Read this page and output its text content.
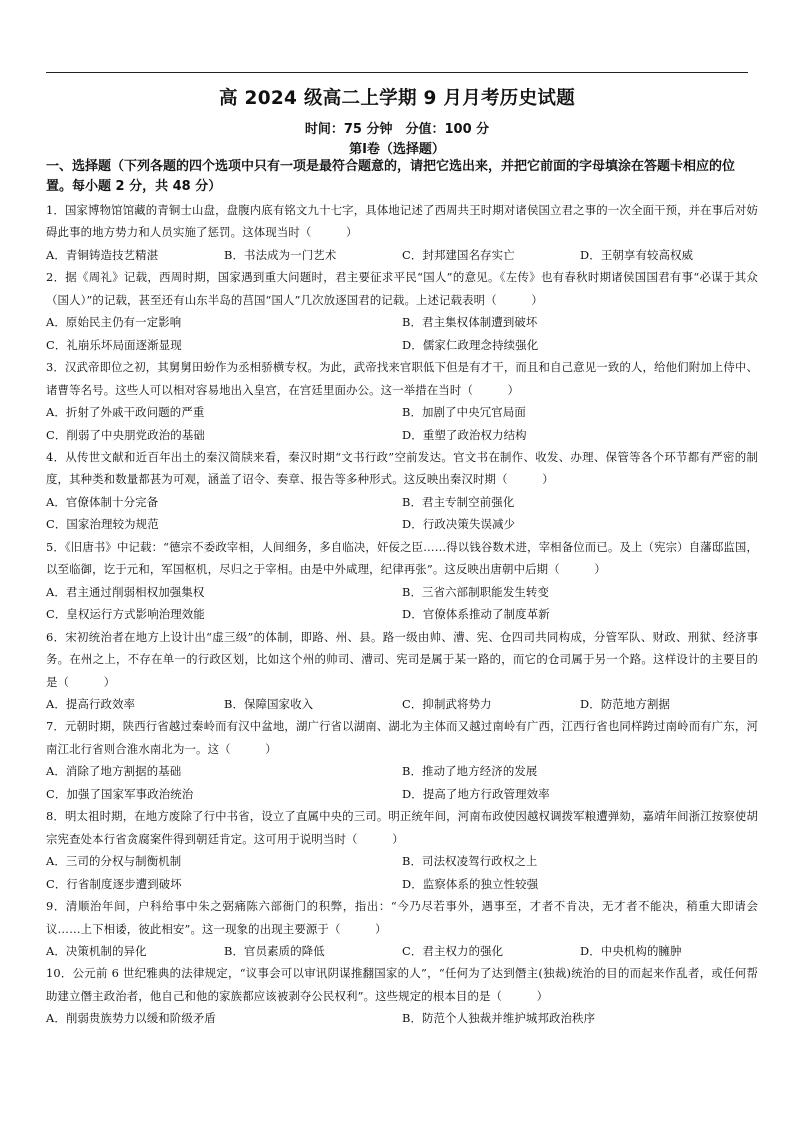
高 2024 级高二上学期 9 月月考历史试题
时间：75 分钟　分值：100 分
第Ⅰ卷（选择题）
一、选择题（下列各题的四个选项中只有一项是最符合题意的，请把它选出来，并把它前面的字母填涂在答题卡相应的位置。每小题 2 分，共 48 分）

1．国家博物馆馆藏的青铜士山盘，盘腹内底有铭文九十七字，具体地记述了西周共王时期对诸侯国立君之事的一次全面干预，并在事后对妨碍此事的地方势力和人员实施了惩罚。这体现当时（　　　）

A．青铜铸造技艺精湛	B．书法成为一门艺术	C．封邦建国名存实亡	D．王朝享有较高权威

2．据《周礼》记载，西周时期，国家遇到重大问题时，君主要征求平民“国人”的意见。《左传》也有春秋时期诸侯国国君有事“必谋于其众（国人）”的记载，甚至还有山东半岛的莒国“国人”几次放逐国君的记载。上述记载表明（　　　）

A．原始民主仍有一定影响	B．君主集权体制遭到破坏
C．礼崩乐坏局面逐渐显现	D．儒家仁政理念持续强化

3．汉武帝即位之初，其舅舅田蚡作为丞相骄横专权。为此，武帝找来官职低下但是有才干，而且和自己意见一致的人，给他们附加上侍中、诸曹等名号。这些人可以相对容易地出入皇宫，在宫廷里面办公。这一举措在当时（　　　）

A．折射了外戚干政问题的严重	B．加剧了中央冗官局面
C．削弱了中央朋党政治的基础	D．重塑了政治权力结构

4．从传世文献和近百年出土的秦汉简牍来看，秦汉时期“文书行政”空前发达。官文书在制作、收发、办理、保管等各个环节都有严密的制度，其种类和数量都甚为可观，涵盖了诏令、奏章、报告等多种形式。这反映出秦汉时期（　　　）

A．官僚体制十分完备	B．君主专制空前强化
C．国家治理较为规范	D．行政决策失误减少

5．《旧唐书》中记载：“德宗不委政宰相，人间细务，多自临决，奸佞之臣……得以钱谷数术进，宰相备位而已。及上（宪宗）自藩邸监国，以至临御，讫于元和，军国枢机，尽归之于宰相。由是中外咸理，纪律再张”。这反映出唐朝中后期（　　　）

A．君主通过削弱相权加强集权	B．三省六部制职能发生转变
C．皇权运行方式影响治理效能	D．官僚体系推动了制度革新

6．宋初统治者在地方上设计出“虚三级”的体制，即路、州、县。路一级由帅、漕、宪、仓四司共同构成，分管军队、财政、刑狱、经济事务。在州之上，不存在单一的行政区划，比如这个州的帅司、漕司、宪司是属于某一路的，而它的仓司属于另一个路。这样设计的主要目的是（　　　）

A．提高行政效率	B．保障国家收入	C．抑制武将势力	D．防范地方割据

7．元朝时期，陕西行省越过秦岭而有汉中盆地，湖广行省以湖南、湖北为主体而又越过南岭有广西，江西行省也同样跨过南岭而有广东，河南江北行省则合淮水南北为一。这（　　　）

A．消除了地方割据的基础	B．推动了地方经济的发展
C．加强了国家军事政治统治	D．提高了地方行政管理效率

8．明太祖时期，在地方废除了行中书省，设立了直属中央的三司。明正统年间，河南布政使因越权调拨军粮遭弹劾，嘉靖年间浙江按察使胡宗宪查处本行省贪腐案件得到朝廷肯定。这可用于说明当时（　　　）

A．三司的分权与制衡机制	B．司法权凌驾行政权之上
C．行省制度逐步遭到破坏	D．监察体系的独立性较强

9．清顺治年间，户科给事中朱之弼痛陈六部衙门的积弊，指出：“今乃尽若事外，遇事至，才者不肯决，无才者不能决，稍重大即请会议……上下相诿，彼此相安”。这一现象的出现主要源于（　　　）

A．决策机制的异化	B．官员素质的降低	C．君主权力的强化	D．中央机构的臃肿

10．公元前 6 世纪雅典的法律规定，“议事会可以审讯阴谋推翻国家的人”，“任何为了达到僭主(独裁)统治的目的而起来作乱者，或任何帮助建立僭主政治者，他自己和他的家族都应该被剥夺公民权利”。这些规定的根本目的是（　　　）

A．削弱贵族势力以缓和阶级矛盾	B．防范个人独裁并维护城邦政治秩序
